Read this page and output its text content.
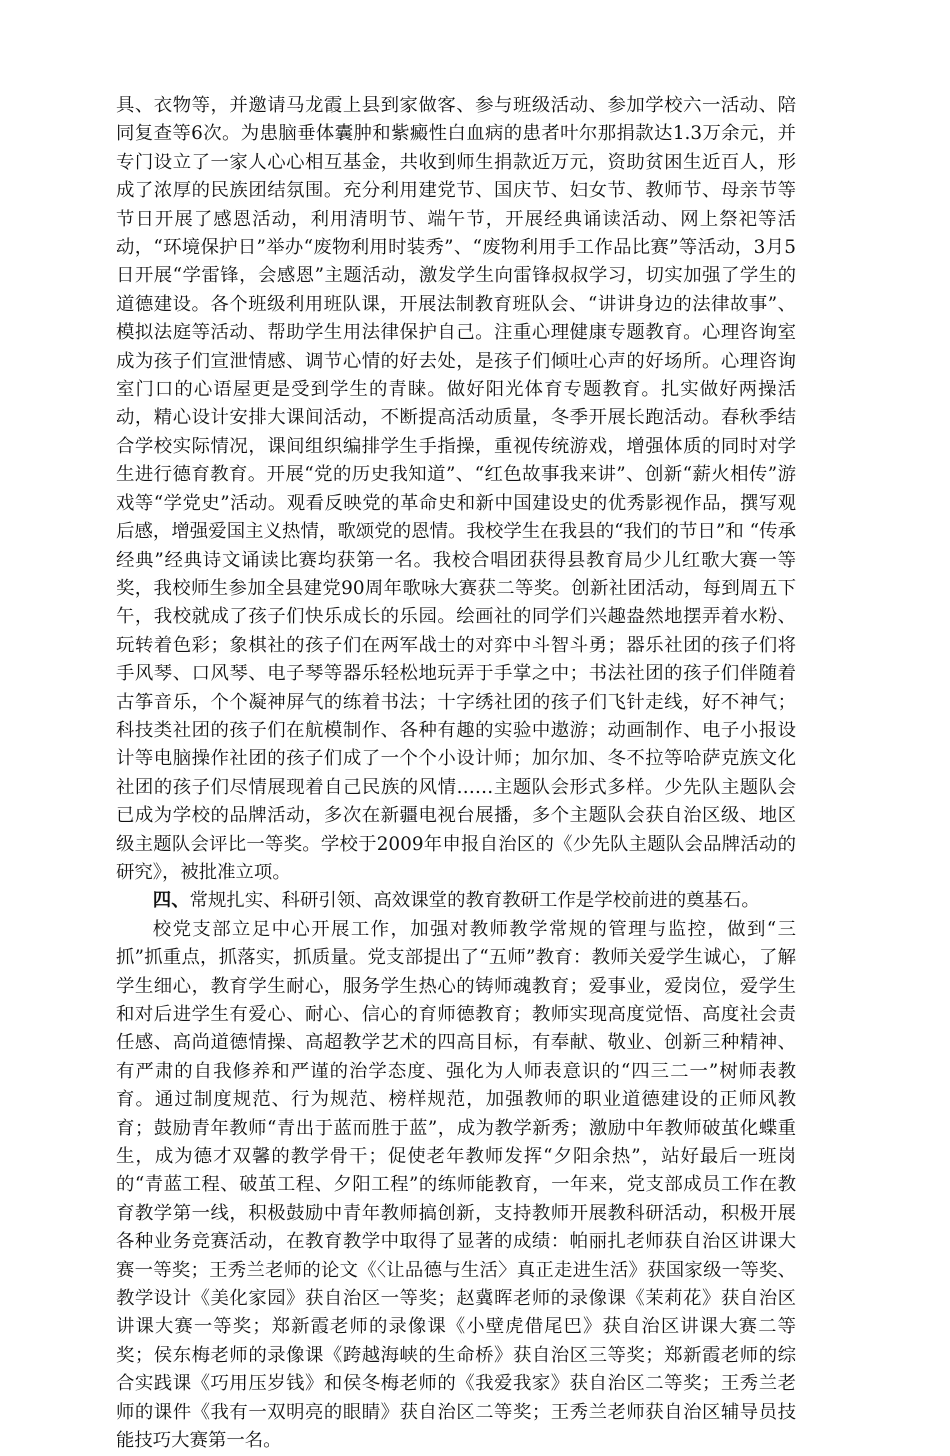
具、衣物等，并邀请马龙霞上县到家做客、参与班级活动、参加学校六一活动、陪同复查等6次。为患脑垂体囊肿和紫癜性白血病的患者叶尔那捐款达1.3万余元，并专门设立了一家人心心相互基金，共收到师生捐款近万元，资助贫困生近百人，形成了浓厚的民族团结氛围。充分利用建党节、国庆节、妇女节、教师节、母亲节等节日开展了感恩活动，利用清明节、端午节，开展经典诵读活动、网上祭祀等活动，“环境保护日”举办“废物利用时装秀”、“废物利用手工作品比赛”等活动，3月5日开展“学雷锋，会感恩”主题活动，激发学生向雷锋叔叔学习，切实加强了学生的道德建设。各个班级利用班队课，开展法制教育班队会、“讲讲身边的法律故事”、模拟法庭等活动、帮助学生用法律保护自己。注重心理健康专题教育。心理咨询室成为孩子们宣泄情感、调节心情的好去处，是孩子们倾吐心声的好场所。心理咨询室门口的心语屋更是受到学生的青睐。做好阳光体育专题教育。扎实做好两操活动，精心设计安排大课间活动，不断提高活动质量，冬季开展长跑活动。春秋季结合学校实际情况，课间组织编排学生手指操，重视传统游戏，增强体质的同时对学生进行德育教育。开展“党的历史我知道”、“红色故事我来讲”、创新“薪火相传”游戏等“学党史”活动。观看反映党的革命史和新中国建设史的优秀影视作品，撰写观后感，增强爱国主义热情，歌颂党的恩情。我校学生在我县的“我们的节日”和 “传承经典”经典诗文诵读比赛均获第一名。我校合唱团获得县教育局少儿红歌大赛一等奖，我校师生参加全县建党90周年歌咏大赛获二等奖。创新社团活动，每到周五下午，我校就成了孩子们快乐成长的乐园。绘画社的同学们兴趣盎然地摆弄着水粉、玩转着色彩；象棋社的孩子们在两军战士的对弈中斗智斗勇；器乐社团的孩子们将手风琴、口风琴、电子琴等器乐轻松地玩弄于手掌之中；书法社团的孩子们伴随着古筝音乐，个个凝神屏气的练着书法；十字绣社团的孩子们飞针走线，好不神气；科技类社团的孩子们在航模制作、各种有趣的实验中遨游；动画制作、电子小报设计等电脑操作社团的孩子们成了一个个小设计师；加尔加、冬不拉等哈萨克族文化社团的孩子们尽情展现着自己民族的风情……主题队会形式多样。少先队主题队会已成为学校的品牌活动，多次在新疆电视台展播，多个主题队会获自治区级、地区级主题队会评比一等奖。学校于2009年申报自治区的《少先队主题队会品牌活动的研究》，被批准立项。

四、常规扎实、科研引领、高效课堂的教育教研工作是学校前进的奠基石。

校党支部立足中心开展工作，加强对教师教学常规的管理与监控，做到“三抓”抓重点，抓落实，抓质量。党支部提出了“五师”教育：教师关爱学生诚心，了解学生细心，教育学生耐心，服务学生热心的铸师魂教育；爱事业，爱岗位，爱学生和对后进学生有爱心、耐心、信心的育师德教育；教师实现高度觉悟、高度社会责任感、高尚道德情操、高超教学艺术的四高目标，有奉献、敬业、创新三种精神、有严肃的自我修养和严谨的治学态度、强化为人师表意识的“四三二一”树师表教育。通过制度规范、行为规范、榜样规范，加强教师的职业道德建设的正师风教育；鼓励青年教师“青出于蓝而胜于蓝”，成为教学新秀；激励中年教师破茧化蝶重生，成为德才双馨的教学骨干；促使老年教师发挥“夕阳余热”，站好最后一班岗的“青蓝工程、破茧工程、夕阳工程”的练师能教育，一年来，党支部成员工作在教育教学第一线，积极鼓励中青年教师搞创新，支持教师开展教科研活动，积极开展各种业务竞赛活动，在教育教学中取得了显著的成绩：帕丽扎老师获自治区讲课大赛一等奖；王秀兰老师的论文《〈让品德与生活〉真正走进生活》获国家级一等奖、教学设计《美化家园》获自治区一等奖；赵冀晖老师的录像课《茉莉花》获自治区讲课大赛一等奖；郑新霞老师的录像课《小壁虎借尾巴》获自治区讲课大赛二等奖；侯东梅老师的录像课《跨越海峡的生命桥》获自治区三等奖；郑新霞老师的综合实践课《巧用压岁钱》和侯冬梅老师的《我爱我家》获自治区二等奖；王秀兰老师的课件《我有一双明亮的眼睛》获自治区二等奖；王秀兰老师获自治区辅导员技能技巧大赛第一名。
